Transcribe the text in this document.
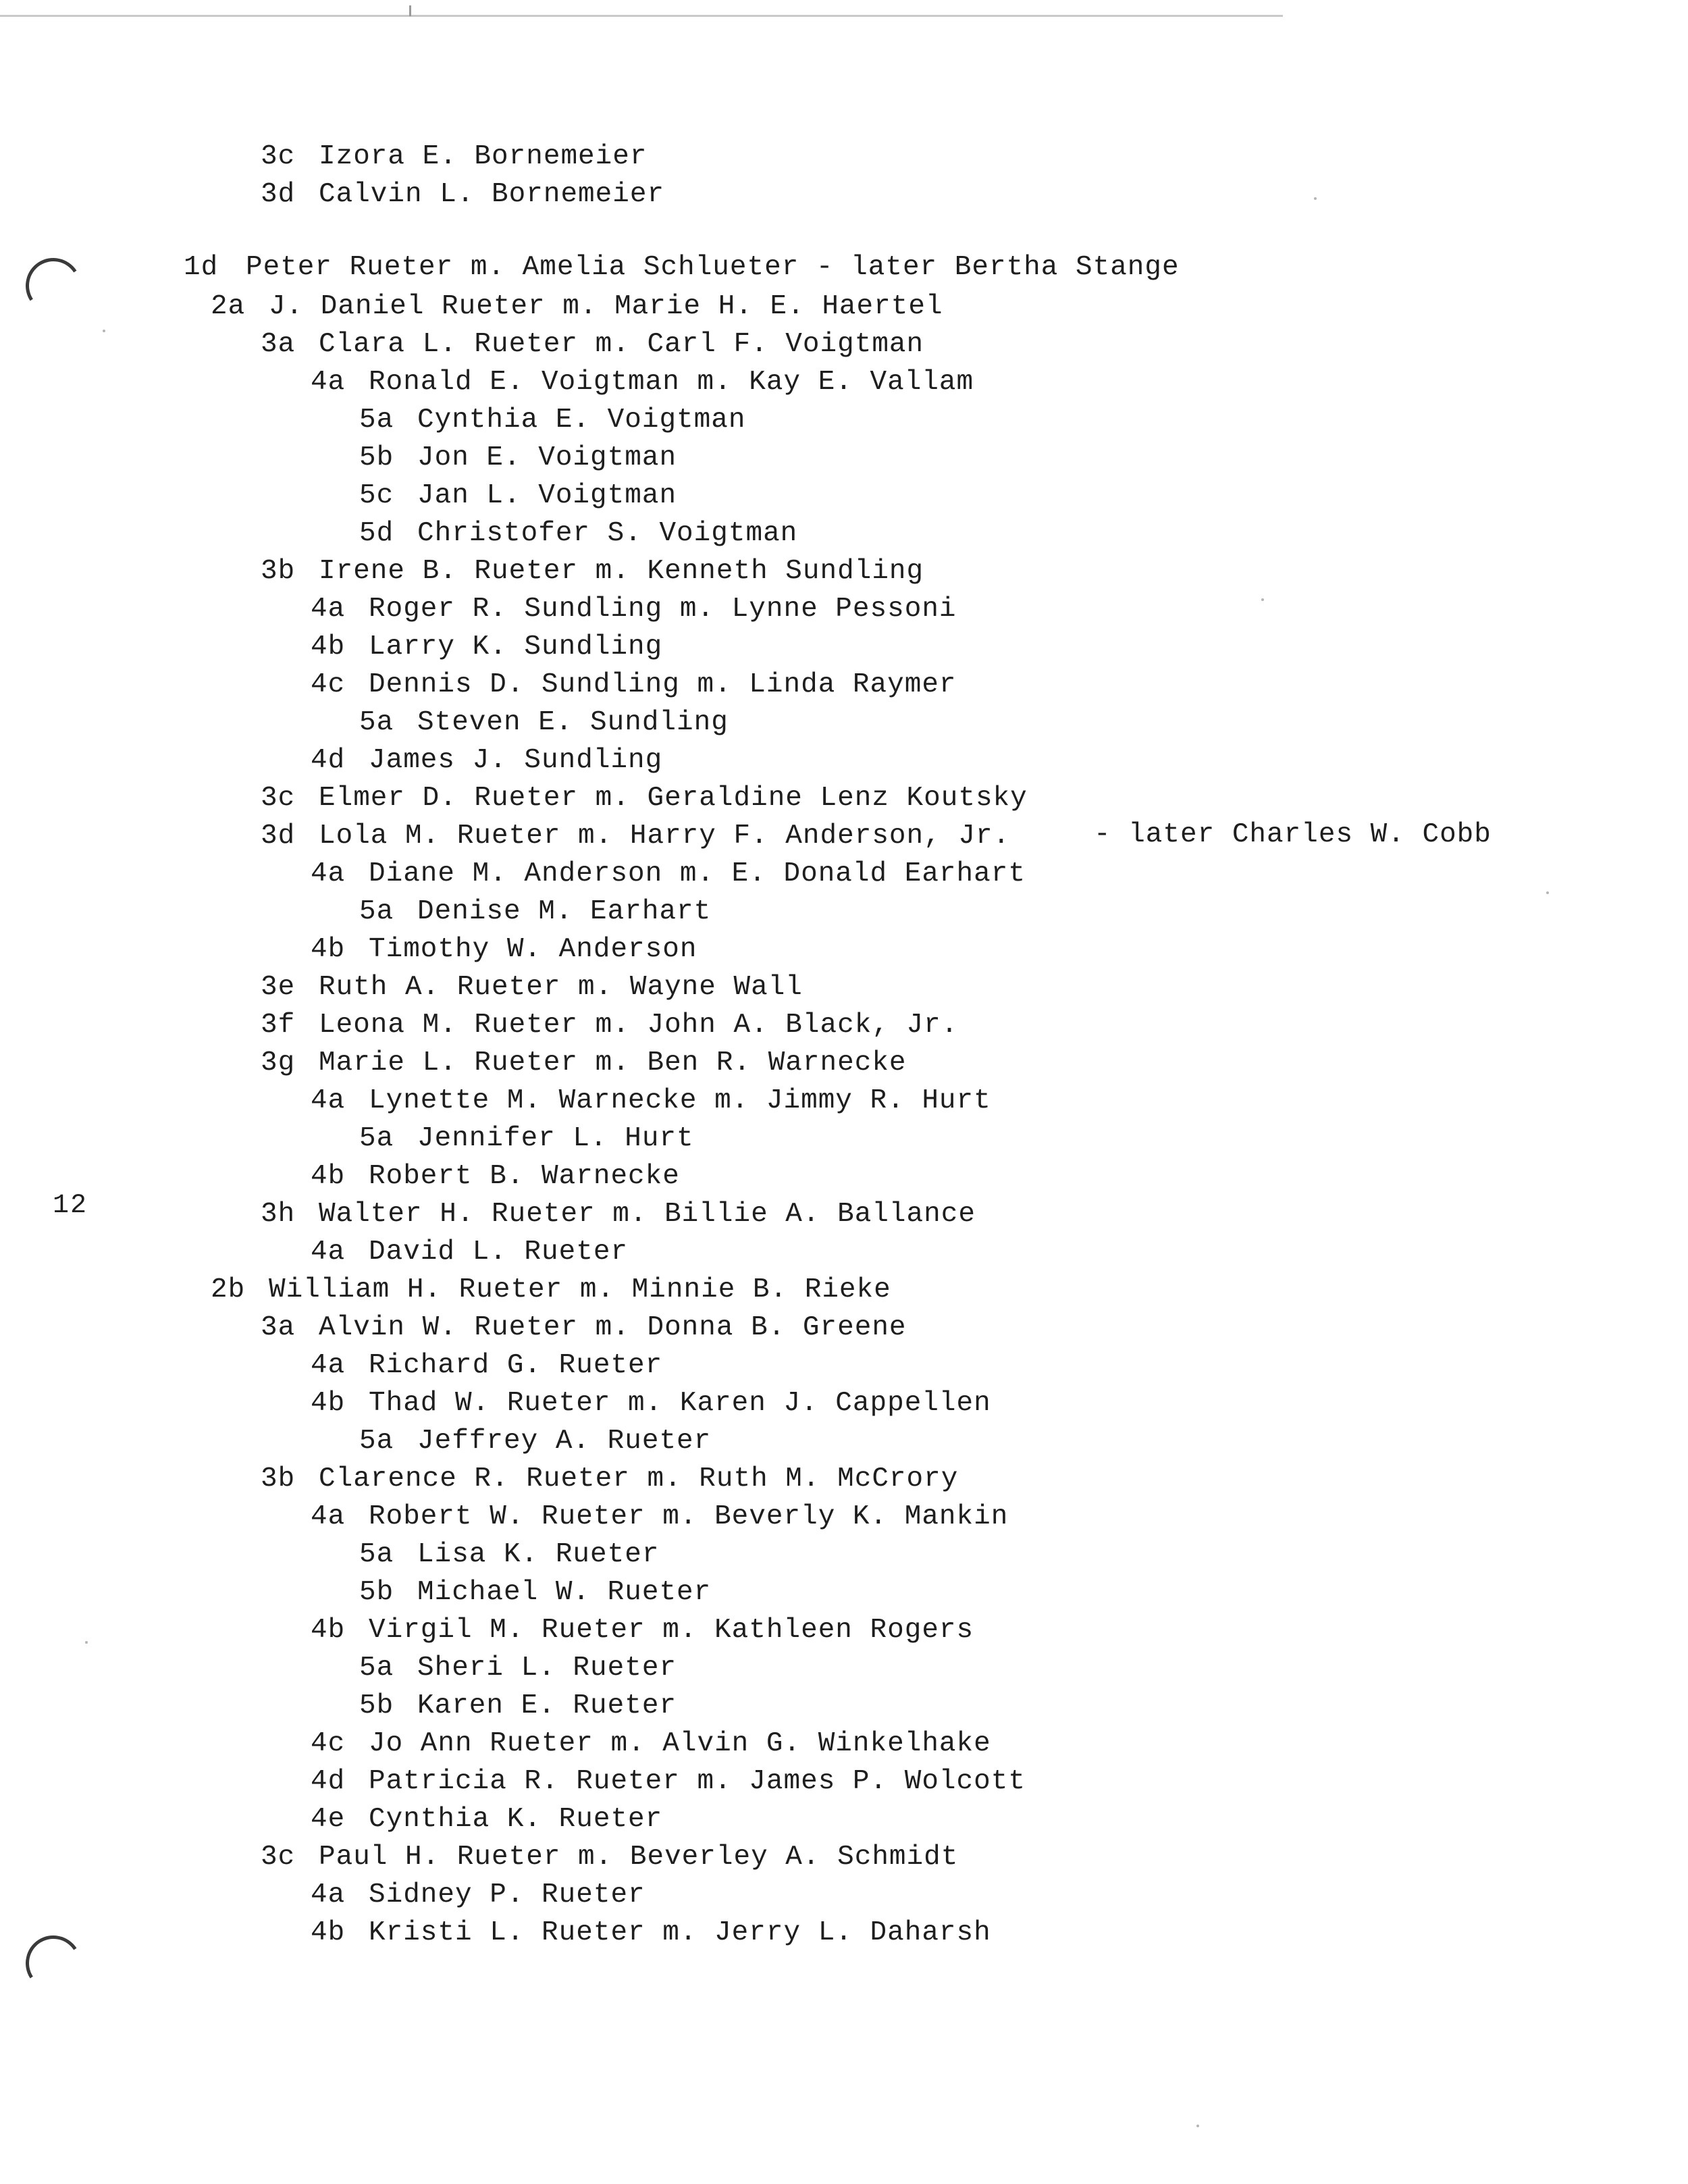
12
3c Izora E. Bornemeier
3d Calvin L. Bornemeier
1d Peter Rueter m. Amelia Schlueter - later Bertha Stange
2a J. Daniel Rueter m. Marie H. E. Haertel
3a Clara L. Rueter m. Carl F. Voigtman
4a Ronald E. Voigtman m. Kay E. Vallam
5a Cynthia E. Voigtman
5b Jon E. Voigtman
5c Jan L. Voigtman
5d Christofer S. Voigtman
3b Irene B. Rueter m. Kenneth Sundling
4a Roger R. Sundling m. Lynne Pessoni
4b Larry K. Sundling
4c Dennis D. Sundling m. Linda Raymer
5a Steven E. Sundling
4d James J. Sundling
3c Elmer D. Rueter m. Geraldine Lenz Koutsky
3d Lola M. Rueter m. Harry F. Anderson, Jr.
4a Diane M. Anderson m. E. Donald Earhart
5a Denise M. Earhart
4b Timothy W. Anderson
3e Ruth A. Rueter m. Wayne Wall
3f Leona M. Rueter m. John A. Black, Jr.
3g Marie L. Rueter m. Ben R. Warnecke
4a Lynette M. Warnecke m. Jimmy R. Hurt
5a Jennifer L. Hurt
4b Robert B. Warnecke
3h Walter H. Rueter m. Billie A. Ballance
4a David L. Rueter
2b William H. Rueter m. Minnie B. Rieke
3a Alvin W. Rueter m. Donna B. Greene
4a Richard G. Rueter
4b Thad W. Rueter m. Karen J. Cappellen
5a Jeffrey A. Rueter
3b Clarence R. Rueter m. Ruth M. McCrory
4a Robert W. Rueter m. Beverly K. Mankin
5a Lisa K. Rueter
5b Michael W. Rueter
4b Virgil M. Rueter m. Kathleen Rogers
5a Sheri L. Rueter
5b Karen E. Rueter
4c Jo Ann Rueter m. Alvin G. Winkelhake
4d Patricia R. Rueter m. James P. Wolcott
4e Cynthia K. Rueter
3c Paul H. Rueter m. Beverley A. Schmidt
4a Sidney P. Rueter
4b Kristi L. Rueter m. Jerry L. Daharsh
- later Charles W. Cobb
